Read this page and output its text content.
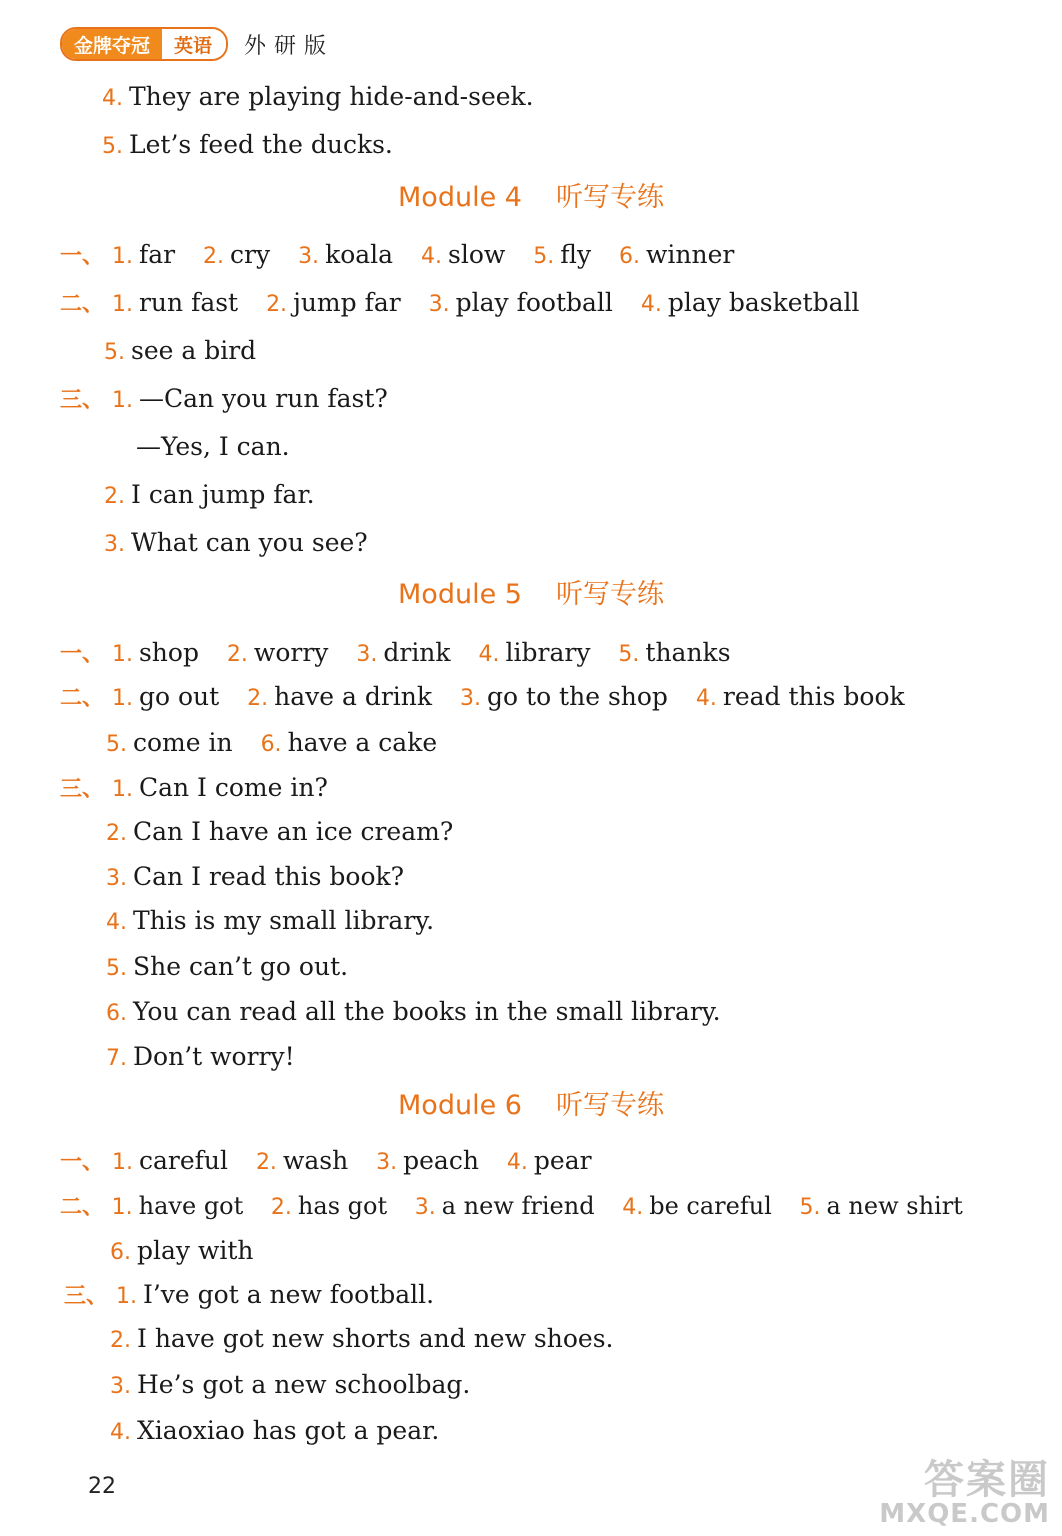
金牌夺冠	英语	外研版
4. They are playing hide-and-seek.
5. Let’s feed the ducks.
Module 4 听写专练
一、 1. far 2. cry 3. koala 4. slow 5. fly 6. winner
二、 1. run fast 2. jump far 3. play football 4. play basketball
5. see a bird
三、 1. —Can you run fast?
—Yes, I can.
2. I can jump far.
3. What can you see?
Module 5 听写专练
一、 1. shop 2. worry 3. drink 4. library 5. thanks
二、 1. go out 2. have a drink 3. go to the shop 4. read this book
5. come in 6. have a cake
三、 1. Can I come in?
2. Can I have an ice cream?
3. Can I read this book?
4. This is my small library.
5. She can’t go out.
6. You can read all the books in the small library.
7. Don’t worry!
Module 6 听写专练
一、 1. careful 2. wash 3. peach 4. pear
二、 1. have got 2. has got 3. a new friend 4. be careful 5. a new shirt
6. play with
三、 1. I’ve got a new football.
2. I have got new shorts and new shoes.
3. He’s got a new schoolbag.
4. Xiaoxiao has got a pear.
22	答案圈
MXQE.COM
